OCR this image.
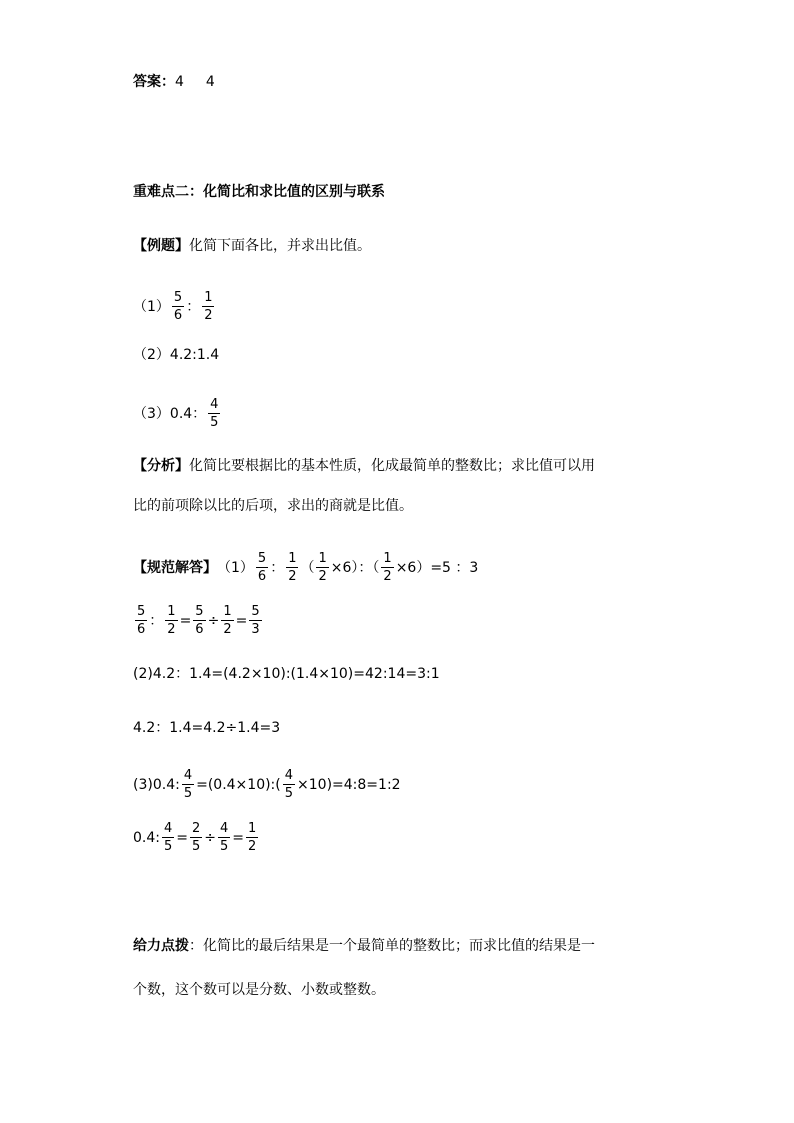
答案： 4 4
重难点二：化简比和求比值的区别与联系
【例题】 化简下面各比，并求出比值。
$(1) \frac{5}{6}$ ： $\frac{1}{2}$
（2）4.2:1.4
（3）0.4： $\frac{4}{5}$
【分析】化简比要根据比的基本性质，化成最简单的整数比；求比值可以用
比的前项除以比的后项，求出的商就是比值。
【规范解答】 $(1) \frac{5}{6}$ ： $\frac{1}{2}$ （ $\frac{1}{2} \times 6$）：（ $\frac{1}{2} \times 6)=5$ ：3
$\frac{5}{6}$ ： $\frac{1}{2} = \frac{5}{6} \div \frac{1}{2} = \frac{5}{3}$
(2)4.2：1.4=(4.2×10):(1.4×10)=42:14=3:1
4.2：1.4=4.2÷1.4=3
(3)0.4: $\frac{4}{5}$ =(0.4×10):( $\frac{4}{5}$ ×10)=4:8=1:2
0.4: $\frac{4}{5} = \frac{2}{5} \div \frac{4}{5} = \frac{1}{2}$
给力点拨：化简比的最后结果是一个最简单的整数比；而求比值的结果是一
个数，这个数可以是分数、小数或整数。
